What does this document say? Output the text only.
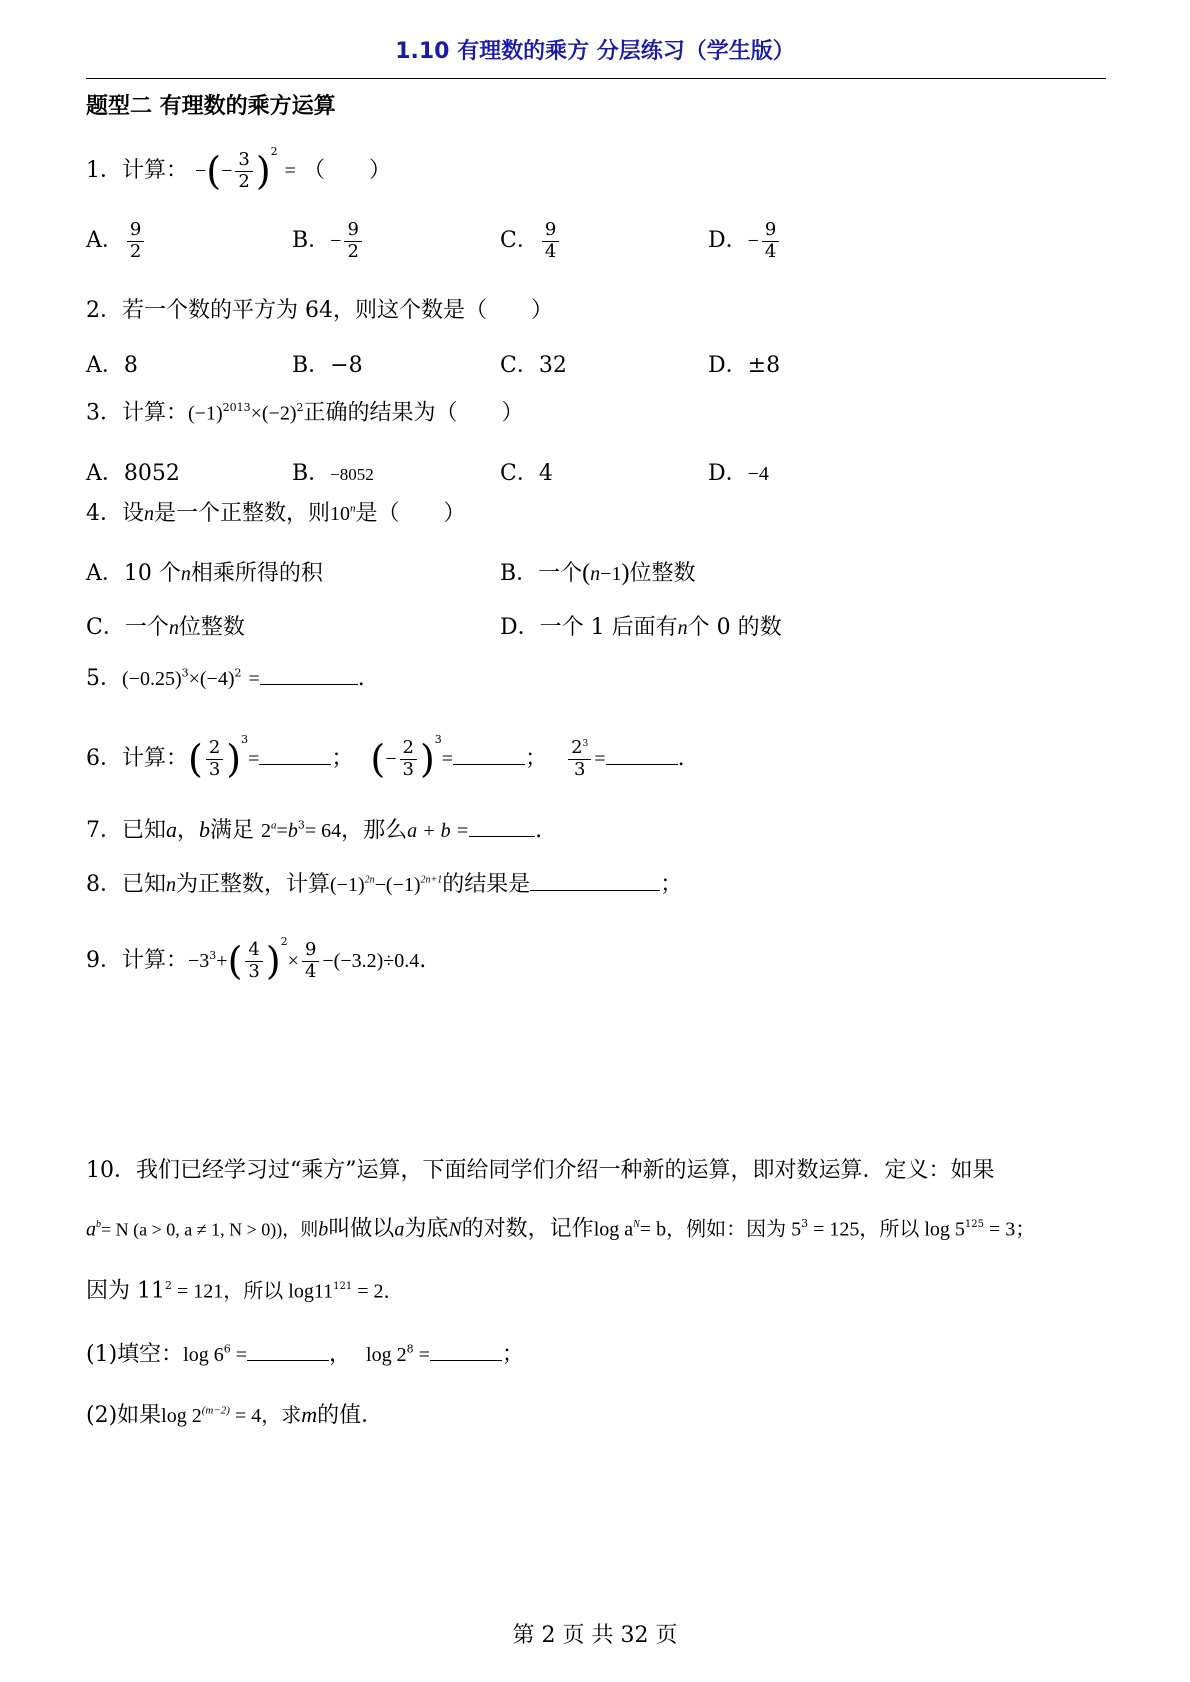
1.10 有理数的乘方 分层练习（学生版）
题型二 有理数的乘方运算
1．计算： −(− $\frac{3}{2} )^2$ = （　　）
A． $\frac{9}{2}$	B．− $\frac{9}{2}$	C． $\frac{9}{4}$	D．− $\frac{9}{4}$
2．若一个数的平方为 64，则这个数是（　　）
A．8	B．−8	C．32	D．±8
3．计算：$(-1)^{2013}\times(-2)^2$正确的结果为（　　）
A．8052	B．−8052	C．4	D．−4
4．设n是一个正整数，则10$^n$是（　　）
A．10 个n相乘所得的积	B．一个(n−1)位整数
C．一个n位整数	D．一个 1 后面有n个 0 的数
5．$(-0.25)^3\times(-4)^2$ =	.
6．计算：( $\frac{2}{3} )^3=$	； (− $\frac{2}{3} )^3=$	； $\frac{2^3}{3}$ =	.
7．已知a，b满足 $2^a=b^3= 64$，那么a + b =	.
8．已知n为正整数，计算$(-1)^{2n}-(-1)^{2n+1}$的结果是	；
9．计算：$-3^3+( \frac{4}{3} )^2\times \frac{9}{4} -(-3.2)\div 0.4$.
10．我们已经学习过“乘方”运算，下面给同学们介绍一种新的运算，即对数运算．定义：如果
$a^b= N$ (a > 0, a ≠ 1, N > 0))，则b叫做以a为底N的对数，记作$\log a^N= b$，例如：因为 $5^3 = 125$，所以 $\log 5^{125} = 3$；
因为 $11^2 = 121$，所以 $\log 11^{121} = 2$．
(1)填空：$\log 6^6$ =	， $\log 2^8$ =	；
(2)如果$\log 2^{(m-2)} = 4$，求m的值．
第 2 页 共 32 页
